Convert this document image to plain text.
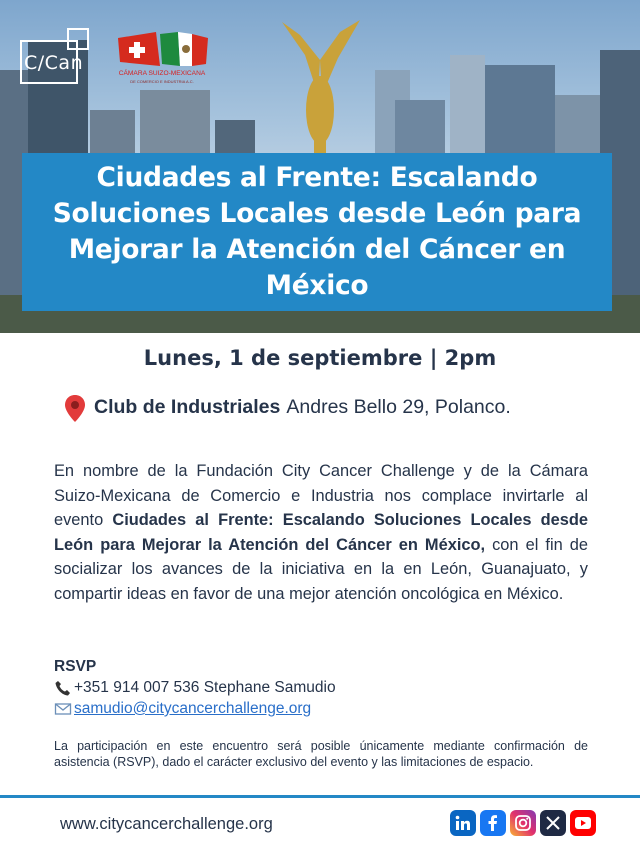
C/Can	CÁMARA SUIZO-MEXICANA
DE COMERCIO E INDUSTRIA A.C.
Ciudades al Frente: Escalando Soluciones Locales desde León para Mejorar la Atención del Cáncer en México
Lunes, 1 de septiembre | 2pm
Club de Industriales Andres Bello 29, Polanco.

En nombre de la Fundación City Cancer Challenge y de la Cámara Suizo-Mexicana de Comercio e Industria nos complace invirtarle al evento Ciudades al Frente: Escalando Soluciones Locales desde León para Mejorar la Atención del Cáncer en México, con el fin de socializar los avances de la iniciativa en la en León, Guanajuato, y compartir ideas en favor de una mejor atención oncológica en México.

RSVP
+351 914 007 536 Stephane Samudio
samudio@citycancerchallenge.org

La participación en este encuentro será posible únicamente mediante confirmación de asistencia (RSVP), dado el carácter exclusivo del evento y las limitaciones de espacio.

www.citycancerchallenge.org
